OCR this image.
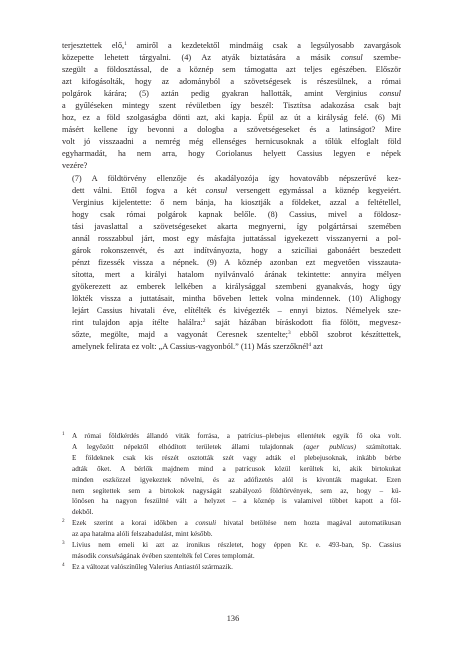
terjesztettek elő,$^1$ amiről a kezdetektől mindmáig csak a legsúlyosabb zavargások
közepette lehetett tárgyalni. (4) Az atyák biztatására a másik consul szembe-
szegült a földosztással, de a köznép sem támogatta azt teljes egészében. Először
azt kifogásolták, hogy az adományból a szövetségesek is részesülnek, a római
polgárok kárára; (5) aztán pedig gyakran hallották, amint Verginius consul
a gyűléseken mintegy szent révületben így beszél: Tisztítsa adakozása csak bajt
hoz, ez a föld szolgaságba dönti azt, aki kapja. Épül az út a királyság felé. (6) Mi
másért kellene így bevonni a dologba a szövetségeseket és a latinságot? Mire
volt jó visszaadni a nemrég még ellenséges hernicusoknak a tőlük elfoglalt föld
egyharmadát, ha nem arra, hogy Coriolanus helyett Cassius legyen e népek
vezére?

(7) A földtörvény ellenzője és akadályozója így hovatovább népszerűvé kez-
dett válni. Ettől fogva a két consul versengett egymással a köznép kegyeiért.
Verginius kijelentette: ő nem bánja, ha kiosztják a földeket, azzal a feltétellel,
hogy csak római polgárok kapnak belőle. (8) Cassius, mivel a földosz-
tási javaslattal a szövetségeseket akarta megnyerni, így polgártársai szemében
annál rosszabbul járt, most egy másfajta juttatással igyekezett visszanyerni a pol-
gárok rokonszenvét, és azt indítványozta, hogy a szicíliai gabonáért beszedett
pénzt fizessék vissza a népnek. (9) A köznép azonban ezt megvetően visszauta-
sította, mert a királyi hatalom nyilvánvaló árának tekintette: annyira mélyen
gyökerezett az emberek lelkében a királysággal szembeni gyanakvás, hogy úgy
lökték vissza a juttatásait, mintha bőveben lettek volna mindennek. (10) Alighogy
lejárt Cassius hivatali éve, elítélték és kivégezték – ennyi biztos. Némelyek sze-
rint tulajdon apja ítélte halálra:$^2$ saját házában bíráskodott fia fölött, megvesz-
sőzte, megölte, majd a vagyonát Ceresnek szentelte;$^3$ ebből szobrot készíttettek,
amelynek felirata ez volt: „A Cassius-vagyonból.” (11) Más szerzőknél$^4$ azt

1 A római földkérdés állandó viták forrása, a patrícius–plebejus ellentétek egyik fő oka volt.
A legyőzött népektől elhódított területek állami tulajdonnak (ager publicus) számítottak.
E földeknek csak kis részét osztották szét vagy adták el plebejusoknak, inkább bérbe
adták őket. A bérlők majdnem mind a patrícusok közül kerültek ki, akik birtokukat
minden eszközzel igyekeztek növelni, és az adófizetés alól is kivonták magukat. Ezen
nem segítettek sem a birtokok nagyságát szabályozó földtörvények, sem az, hogy – kü-
lönösen ha nagyon feszültté vált a helyzet – a köznép is valamivel többet kapott a föl-
dekből.
2 Ezek szerint a korai időkben a consuli hivatal betöltése nem hozta magával automatikusan
az apa hatalma alóli felszabadulást, mint később.
3 Livius nem emeli ki azt az ironikus részletet, hogy éppen Kr. e. 493-ban, Sp. Cassius
második consulságának évében szentelték fel Ceres templomát.
4 Ez a változat valószínűleg Valerius Antiastól származik.
136
